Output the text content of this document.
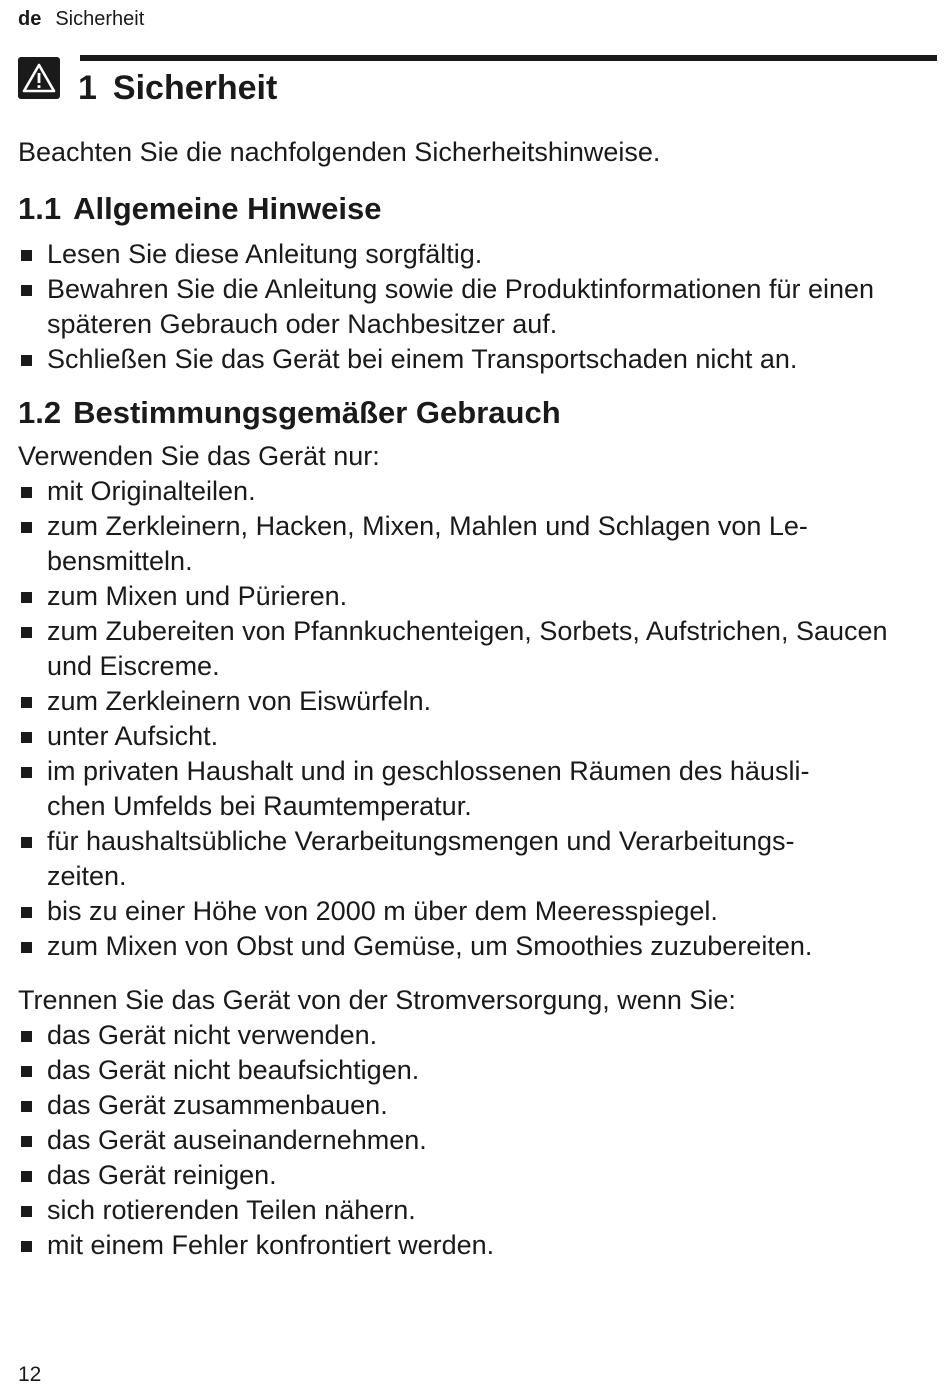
de Sicherheit
1 Sicherheit

Beachten Sie die nachfolgenden Sicherheitshinweise.

1.1 Allgemeine Hinweise
Lesen Sie diese Anleitung sorgfältig.
Bewahren Sie die Anleitung sowie die Produktinformationen für einen späteren Gebrauch oder Nachbesitzer auf.
Schließen Sie das Gerät bei einem Transportschaden nicht an.
1.2 Bestimmungsgemäßer Gebrauch

Verwenden Sie das Gerät nur:

mit Originalteilen.
zum Zerkleinern, Hacken, Mixen, Mahlen und Schlagen von Le-
bensmitteln.
zum Mixen und Pürieren.
zum Zubereiten von Pfannkuchenteigen, Sorbets, Aufstrichen, Saucen und Eiscreme.
zum Zerkleinern von Eiswürfeln.
unter Aufsicht.
im privaten Haushalt und in geschlossenen Räumen des häusli-
chen Umfelds bei Raumtemperatur.
für haushaltsübliche Verarbeitungsmengen und Verarbeitungs-
zeiten.
bis zu einer Höhe von 2000 m über dem Meeresspiegel.
zum Mixen von Obst und Gemüse, um Smoothies zuzubereiten.

Trennen Sie das Gerät von der Stromversorgung, wenn Sie:

das Gerät nicht verwenden.
das Gerät nicht beaufsichtigen.
das Gerät zusammenbauen.
das Gerät auseinandernehmen.
das Gerät reinigen.
sich rotierenden Teilen nähern.
mit einem Fehler konfrontiert werden.
12
